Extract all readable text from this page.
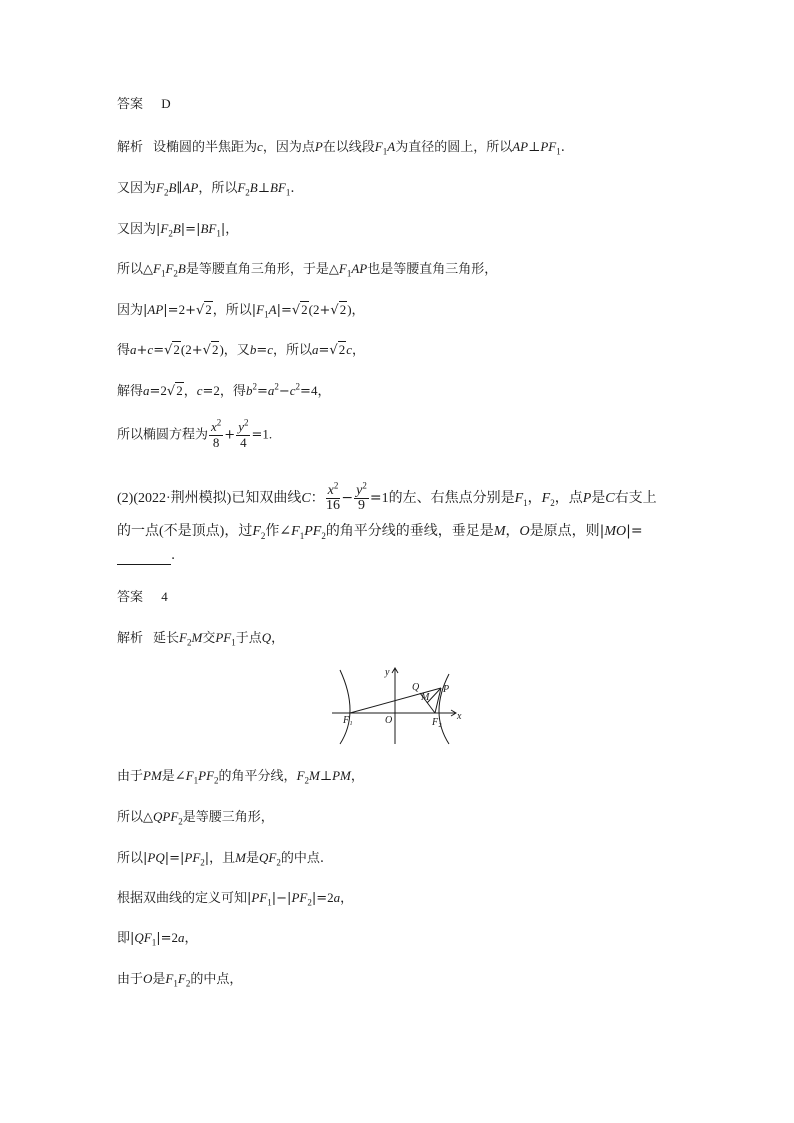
答案 D
解析 设椭圆的半焦距为c，因为点P在以线段$F_1A$为直径的圆上，所以$AP\perp PF_1$.
又因为$F_2B\parallel AP$，所以$F_2B\perp BF_1$.
又因为$|F_2B|=|BF_1|$，
所以$\triangle F_1F_2B$是等腰直角三角形，于是$\triangle F_1AP$也是等腰直角三角形，
因为|AP|=2+√2，所以$|F_1A|=√2(2+√2)$，
得a+c=√2(2+√2)，又b=c，所以a=√2c，
解得a=2√2，c=2，得$b^2=a^2-c^2=4$，
所以椭圆方程为 $\frac{x^2}{8} + \frac{y^2}{4} =1$.
(2)(2022·荆州模拟)已知双曲线C： $\frac{x^2}{16} - \frac{y^2}{9} =1$的左、右焦点分别是$F_1$，$F_2$，点P是C右支上
的一点(不是顶点)，过$F_2$作$\angle F_1PF_2$的角平分线的垂线，垂足是M，O是原点，则|MO|=
.
答案 4
解析 延长$F_2M$交$PF_1$于点Q，
y
x
O
F₁	F₂
P
Q
M
由于PM是$\angle F_1PF_2$的角平分线，$F_2M\perp PM$，
所以$\triangle QPF_2$是等腰三角形，
所以$|PQ|=|PF_2|$，且M是$QF_2$的中点.
根据双曲线的定义可知$|PF_1|-|PF_2|=2a$，
即$|QF_1|=2a$，
由于O是$F_1F_2$的中点，
